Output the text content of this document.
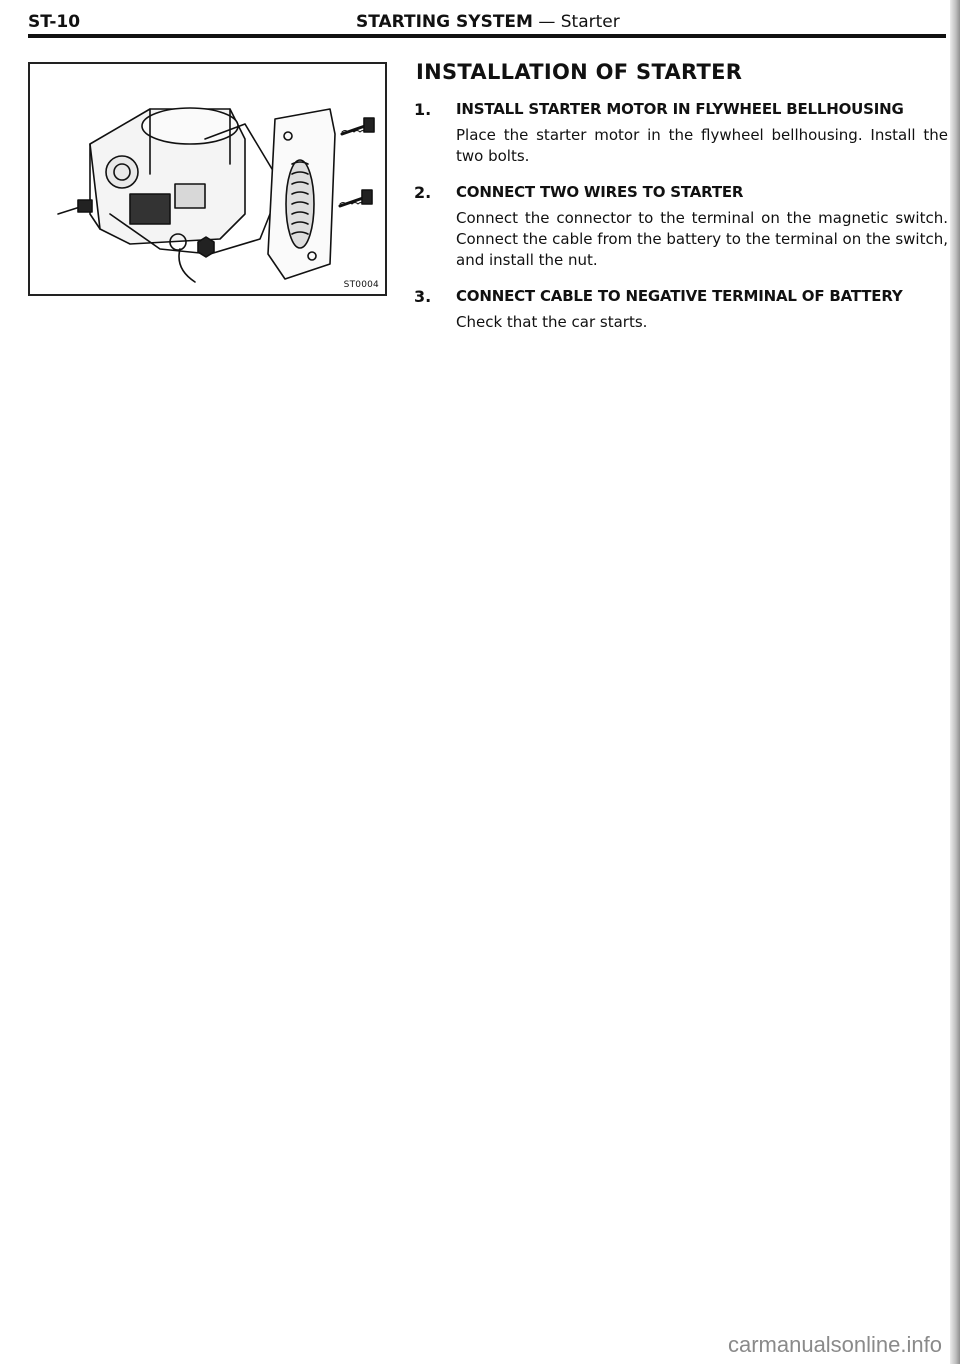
ST-10	STARTING SYSTEM — Starter
ST0004
INSTALLATION OF STARTER
1. INSTALL STARTER MOTOR IN FLYWHEEL BELLHOUSING
Place the starter motor in the flywheel bellhousing. Install the two bolts.
2. CONNECT TWO WIRES TO STARTER
Connect the connector to the terminal on the magnetic switch. Connect the cable from the battery to the terminal on the switch, and install the nut.
3. CONNECT CABLE TO NEGATIVE TERMINAL OF BATTERY
Check that the car starts.
carmanualsonline.info
